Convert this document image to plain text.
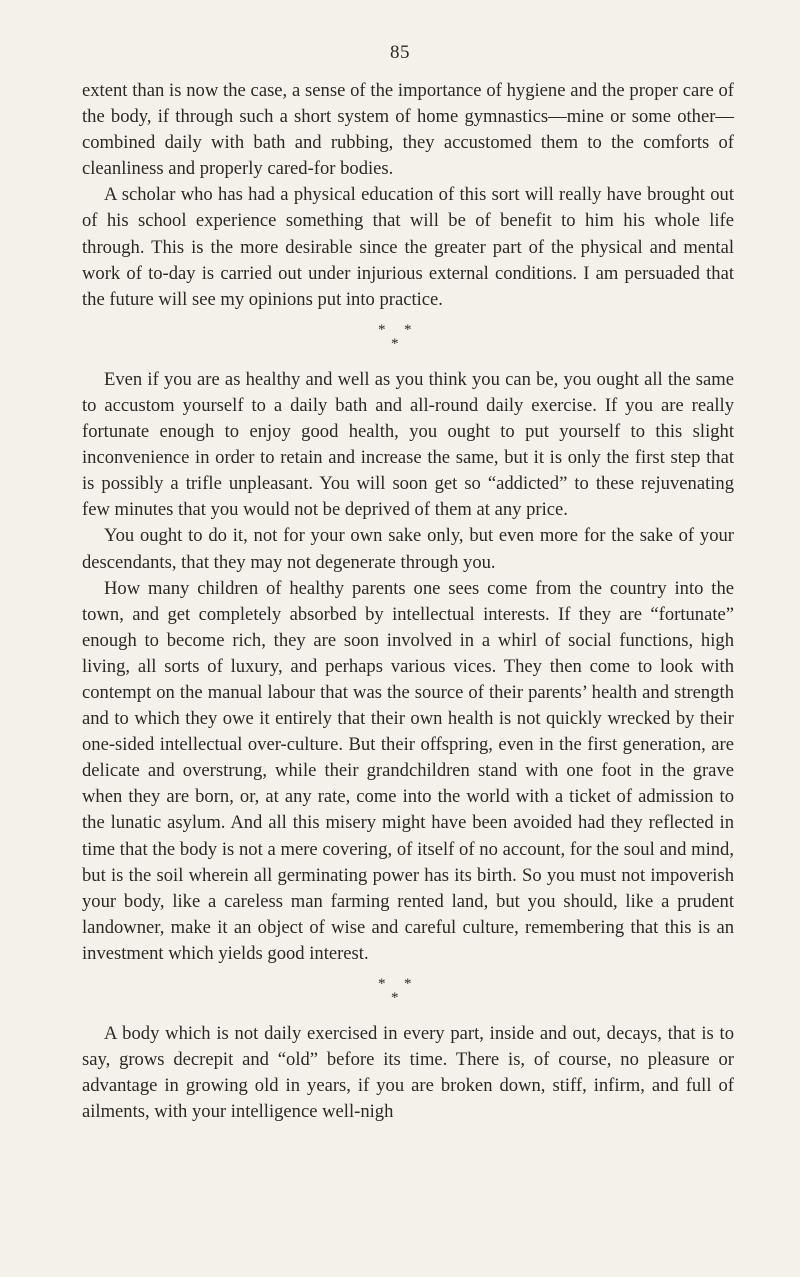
85

extent than is now the case, a sense of the importance of hygiene and the proper care of the body, if through such a short system of home gymnastics—mine or some other—combined daily with bath and rubbing, they accustomed them to the comforts of cleanliness and properly cared-for bodies.

A scholar who has had a physical education of this sort will really have brought out of his school experience something that will be of benefit to him his whole life through. This is the more desirable since the greater part of the physical and mental work of to-day is carried out under injurious external conditions. I am persuaded that the future will see my opinions put into practice.

*
*
*

Even if you are as healthy and well as you think you can be, you ought all the same to accustom yourself to a daily bath and all-round daily exercise. If you are really fortunate enough to enjoy good health, you ought to put yourself to this slight inconvenience in order to retain and increase the same, but it is only the first step that is possibly a trifle unpleasant. You will soon get so “addicted” to these rejuvenating few minutes that you would not be deprived of them at any price.

You ought to do it, not for your own sake only, but even more for the sake of your descendants, that they may not degenerate through you.

How many children of healthy parents one sees come from the country into the town, and get completely absorbed by intellectual interests. If they are “fortunate” enough to become rich, they are soon involved in a whirl of social functions, high living, all sorts of luxury, and perhaps various vices. They then come to look with contempt on the manual labour that was the source of their parents’ health and strength and to which they owe it entirely that their own health is not quickly wrecked by their one-sided intellectual over-culture. But their offspring, even in the first generation, are delicate and overstrung, while their grandchildren stand with one foot in the grave when they are born, or, at any rate, come into the world with a ticket of admission to the lunatic asylum. And all this misery might have been avoided had they reflected in time that the body is not a mere covering, of itself of no account, for the soul and mind, but is the soil wherein all germinating power has its birth. So you must not impoverish your body, like a careless man farming rented land, but you should, like a prudent landowner, make it an object of wise and careful culture, remembering that this is an investment which yields good interest.

*
*
*

A body which is not daily exercised in every part, inside and out, decays, that is to say, grows decrepit and “old” before its time. There is, of course, no pleasure or advantage in growing old in years, if you are broken down, stiff, infirm, and full of ailments, with your intelligence well-nigh
